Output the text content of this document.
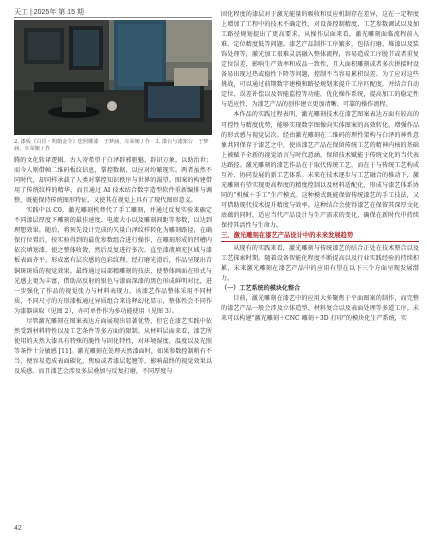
天工 | 2025年 第 15 期
2. 漆板《白昼・明朝金令》您照雕漆　于梦涵、车荣姬 / 作　3. 漆台与漆架台　于梦涵、车荣姬 / 作

腾的文化转译逻辑。古人寄希望于白泽辟邪驱魅、辟识万象，以助治世；而今人则借帧二维码板纹信息，掌控数据，以应对纷繁现实。两者虽然不同时代，却同样承载了人类对掌控知识秩序与世界的渴望。图案的构建借用了传统纹样的精华，而且通过 AI 技术结合数字造型软件重新编排与调整，既能保持传统图形特征，又使其在视觉上具有了现代图形意义。

实践中以 C0。激光雕刻机替代了手工雕刻，并通过反复实验来确定不同漆层厚度下雕刻的最佳速度、电流大小以及雕刻间距等参数，以达到理想效果。随后，将预先设计完成的矢量白泽纹样转化为雕刻路径，在确保行位置后，按实验得到的最优参数组合进行操作，在雕刻形成的凹槽内依次填划漆，使之整体收敛，然后反复进行多次、直至漆液填充区域与漆板表面齐平，形成富有层次感的色彩纹理。经打磨光滑后，作品呈现出青铜斑斑质的视觉效果。最终通过局部精雕刻的技法，使整体画面在形式与光感上更为丰富，借助高反射的银色与漆面深漆的黑色形成鲜明对比，进一步强化了作品的视觉张力与材料表现力。该漆艺作品整体采用不同材质，不同尺寸的方形漆板通过异质组合来诠释幻化显示，整体性会不同作为漆器读取（见图 2），亦可单件作为多功能使用（见图 3）。

尽管激光雕刻在图案表达方面展现出显著优势，但它在漆艺实践中依然受到材料特性以及工艺条件等多方面的限制。从材料层面来看，漆艺所使用的天然大漆具有特殊的脆性与固化特性，对环境湿度、温度以及光照等条件十分敏感 [11]。激光雕刻在处理天然漆面时，如果参数控制稍有不当，便容易造成表面碳化、焦痕或者漆层起翘等，影响最终的视觉效果以及质感。而且漆艺会涉及多层叠加与反复打磨，不同厚度与

固化程度的漆层对于激光能量的吸收和反应机制存在差异，这在一定程度上增加了工程中的技术不确定性，对设备控制精度、工艺参数调试以及加工路径规划提出了更高要求。从操作层面来看，激光雕刻面临流程前入难、定位精度低等问题。漆艺产品制作工序繁多，包括打磨、堆漆以及装饰处理等，激光加工很难灵活融入整体流程，容易造成工序脱节或者重复定位误差，影响生产效率和成品一致性，且大面积雕刻或者多次拼接时设备易出现过热或稳性下降等问题，控制不当容易累积误差。为了应对这些挑战，可以通过前期数字建模和路径规划来提升工序匹配度，并结合自动定位、误差补偿以及智能监控等功能，优化操作系统，提高加工的稳定性与适应性，为漆艺产品的创作建立更加清晰、可靠的操作流程。

本作品的实践过程表明，激光雕刻技术在漆艺图案表达方面有较高的可控性与精度优势，能够实现数字图像向实体图案的高效转化，增强作品的形式感与视觉层次。经由激光雕刻在二维码的理性架构与白泽的神性意象共同保存于漆艺之中，使该漆艺产品在保留传统工艺的精神内核的基础上被赋予全新的视觉语言与时代意涵，保留技术赋能于传统文化的当代表达路径。激光雕刻的漆艺作品在于取代传统工艺，而在于与传统工艺构成互补、协同发展的新工艺体系。未来在技术逐步与工艺融合的推动下，激光雕刻有望实现更高程度的精度控制以及材料适配化，形成与漆艺体系协同的“机械＋手工”生产模式。这种模式既能保留传统漆艺的手工技法，又可借助现代技术提升精度与效率。这种结合会使得漆艺在保留其深厚文化底蕴的同时，适应当代产品设计与生产需求的变化，确保在新时代中持续保持其活性与生命力。

三、激光雕刻在漆艺产品设计中的未来发展趋势

从现有的实践来看，激光雕刻与传统漆艺的结合正处在技术整合以及工艺探索时期。随着设备智能化程度不断提高以及行业实践经验的持续积累，未来激光雕刻在漆艺产品中的应用有望在以下三个方面呈现发展潜力。

（一）工艺系统的模块化整合

目前，激光雕刻在漆艺中的应用大多聚焦于平面图案的制作，而完整的漆艺产品一般会涉及立体造型、材料复合以及表面处理等多道工序。未来可以构建“激光雕刻＋CNC 雕刻＋3D 打印”的模块化生产系统，实

42
